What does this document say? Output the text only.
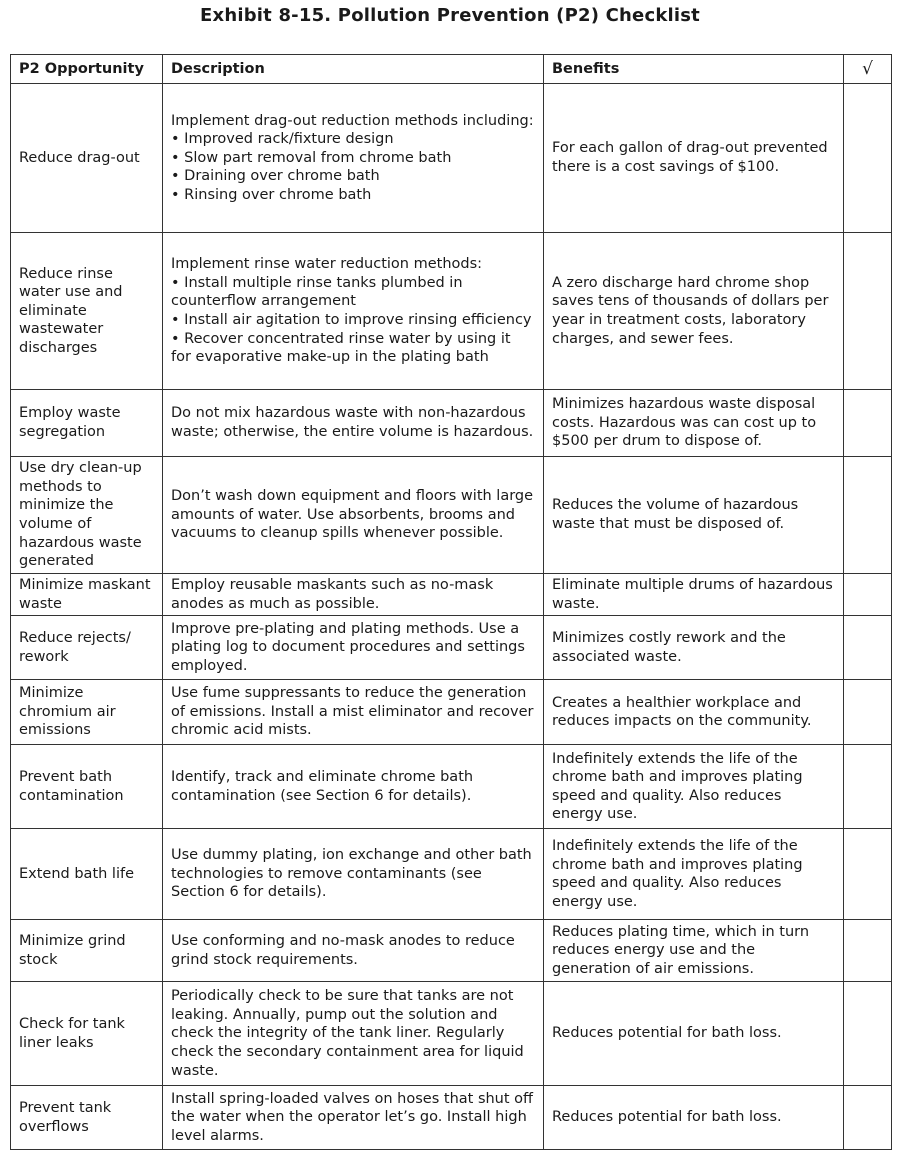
Exhibit 8-15. Pollution Prevention (P2) Checklist
P2 Opportunity	Description	Benefits	√
Reduce drag-out	Implement drag-out reduction methods including:
• Improved rack/fixture design
• Slow part removal from chrome bath
• Draining over chrome bath
• Rinsing over chrome bath	For each gallon of drag-out prevented there is a cost savings of $100.	
Reduce rinse water use and eliminate wastewater discharges	Implement rinse water reduction methods:
• Install multiple rinse tanks plumbed in counterflow arrangement
• Install air agitation to improve rinsing efficiency
• Recover concentrated rinse water by using it for evaporative make-up in the plating bath	A zero discharge hard chrome shop saves tens of thousands of dollars per year in treatment costs, laboratory charges, and sewer fees.	
Employ waste segregation	Do not mix hazardous waste with non-hazardous waste; otherwise, the entire volume is hazardous.	Minimizes hazardous waste disposal costs. Hazardous was can cost up to $500 per drum to dispose of.	
Use dry clean-up methods to minimize the volume of hazardous waste generated	Don’t wash down equipment and floors with large amounts of water. Use absorbents, brooms and vacuums to cleanup spills whenever possible.	Reduces the volume of hazardous waste that must be disposed of.	
Minimize maskant waste	Employ reusable maskants such as no-mask anodes as much as possible.	Eliminate multiple drums of hazardous waste.	
Reduce rejects/ rework	Improve pre-plating and plating methods. Use a plating log to document procedures and settings employed.	Minimizes costly rework and the associated waste.	
Minimize chromium air emissions	Use fume suppressants to reduce the generation of emissions. Install a mist eliminator and recover chromic acid mists.	Creates a healthier workplace and reduces impacts on the community.	
Prevent bath contamination	Identify, track and eliminate chrome bath contamination (see Section 6 for details).	Indefinitely extends the life of the chrome bath and improves plating speed and quality. Also reduces energy use.	
Extend bath life	Use dummy plating, ion exchange and other bath technologies to remove contaminants (see Section 6 for details).	Indefinitely extends the life of the chrome bath and improves plating speed and quality. Also reduces energy use.	
Minimize grind stock	Use conforming and no-mask anodes to reduce grind stock requirements.	Reduces plating time, which in turn reduces energy use and the generation of air emissions.	
Check for tank liner leaks	Periodically check to be sure that tanks are not leaking. Annually, pump out the solution and check the integrity of the tank liner. Regularly check the secondary containment area for liquid waste.	Reduces potential for bath loss.	
Prevent tank overflows	Install spring-loaded valves on hoses that shut off the water when the operator let’s go. Install high level alarms.	Reduces potential for bath loss.	
